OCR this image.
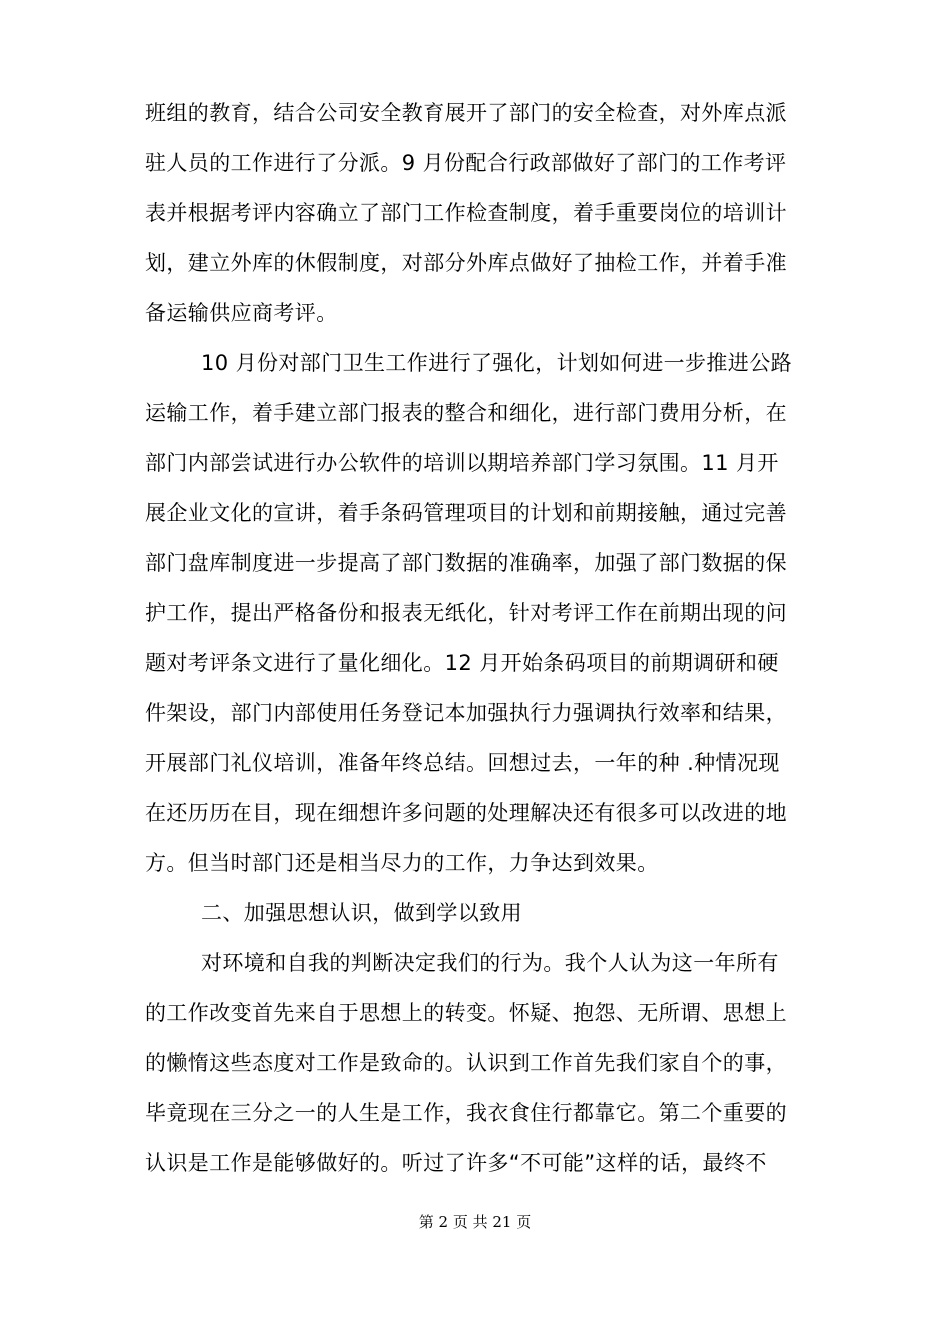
班组的教育，结合公司安全教育展开了部门的安全检查，对外库点派
驻人员的工作进行了分派。9 月份配合行政部做好了部门的工作考评
表并根据考评内容确立了部门工作检查制度，着手重要岗位的培训计
划，建立外库的休假制度，对部分外库点做好了抽检工作，并着手准
备运输供应商考评。
10 月份对部门卫生工作进行了强化，计划如何进一步推进公路
运输工作，着手建立部门报表的整合和细化，进行部门费用分析，在
部门内部尝试进行办公软件的培训以期培养部门学习氛围。11 月开
展企业文化的宣讲，着手条码管理项目的计划和前期接触，通过完善
部门盘库制度进一步提高了部门数据的准确率，加强了部门数据的保
护工作，提出严格备份和报表无纸化，针对考评工作在前期出现的问
题对考评条文进行了量化细化。12 月开始条码项目的前期调研和硬
件架设，部门内部使用任务登记本加强执行力强调执行效率和结果，
开展部门礼仪培训，准备年终总结。回想过去，一年的种 .种情况现
在还历历在目，现在细想许多问题的处理解决还有很多可以改进的地
方。但当时部门还是相当尽力的工作，力争达到效果。
二、加强思想认识，做到学以致用
对环境和自我的判断决定我们的行为。我个人认为这一年所有
的工作改变首先来自于思想上的转变。怀疑、抱怨、无所谓、思想上
的懒惰这些态度对工作是致命的。认识到工作首先我们家自个的事，
毕竟现在三分之一的人生是工作，我衣食住行都靠它。第二个重要的
认识是工作是能够做好的。听过了许多“不可能”这样的话，最终不
第 2 页 共 21 页
